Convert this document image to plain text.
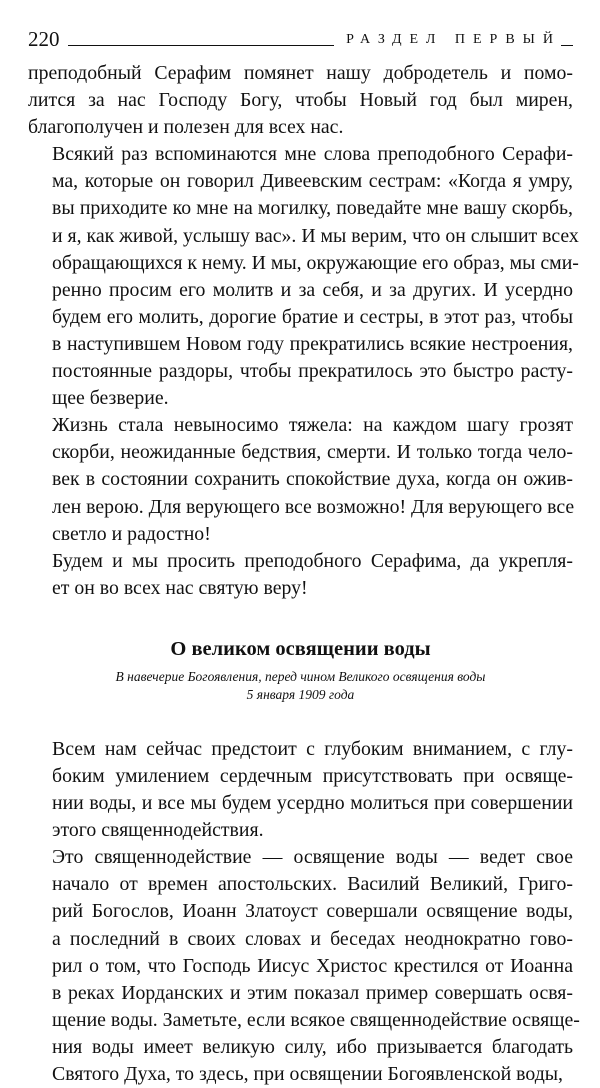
220	РАЗДЕЛ ПЕРВЫЙ

преподобный Серафим помянет нашу добродетель и помо-
лится за нас Господу Богу, чтобы Новый год был мирен,
благополучен и полезен для всех нас.

Всякий раз вспоминаются мне слова преподобного Серафи-
ма, которые он говорил Дивеевским сестрам: «Когда я умру,
вы приходите ко мне на могилку, поведайте мне вашу скорбь,
и я, как живой, услышу вас». И мы верим, что он слышит всех
обращающихся к нему. И мы, окружающие его образ, мы сми-
ренно просим его молитв и за себя, и за других. И усердно
будем его молить, дорогие братие и сестры, в этот раз, чтобы
в наступившем Новом году прекратились всякие нестроения,
постоянные раздоры, чтобы прекратилось это быстро расту-
щее безверие.

Жизнь стала невыносимо тяжела: на каждом шагу грозят
скорби, неожиданные бедствия, смерти. И только тогда чело-
век в состоянии сохранить спокойствие духа, когда он ожив-
лен верою. Для верующего все возможно! Для верующего все
светло и радостно!

Будем и мы просить преподобного Серафима, да укрепля-
ет он во всех нас святую веру!

О великом освящении воды
В навечерие Богоявления, перед чином Великого освящения воды
5 января 1909 года

Всем нам сейчас предстоит с глубоким вниманием, с глу-
боким умилением сердечным присутствовать при освяще-
нии воды, и все мы будем усердно молиться при совершении
этого священнодействия.

Это священнодействие — освящение воды — ведет свое
начало от времен апостольских. Василий Великий, Григо-
рий Богослов, Иоанн Златоуст совершали освящение воды,
а последний в своих словах и беседах неоднократно гово-
рил о том, что Господь Иисус Христос крестился от Иоанна
в реках Иорданских и этим показал пример совершать освя-
щение воды. Заметьте, если всякое священнодействие освяще-
ния воды имеет великую силу, ибо призывается благодать
Святого Духа, то здесь, при освящении Богоявленской воды,
